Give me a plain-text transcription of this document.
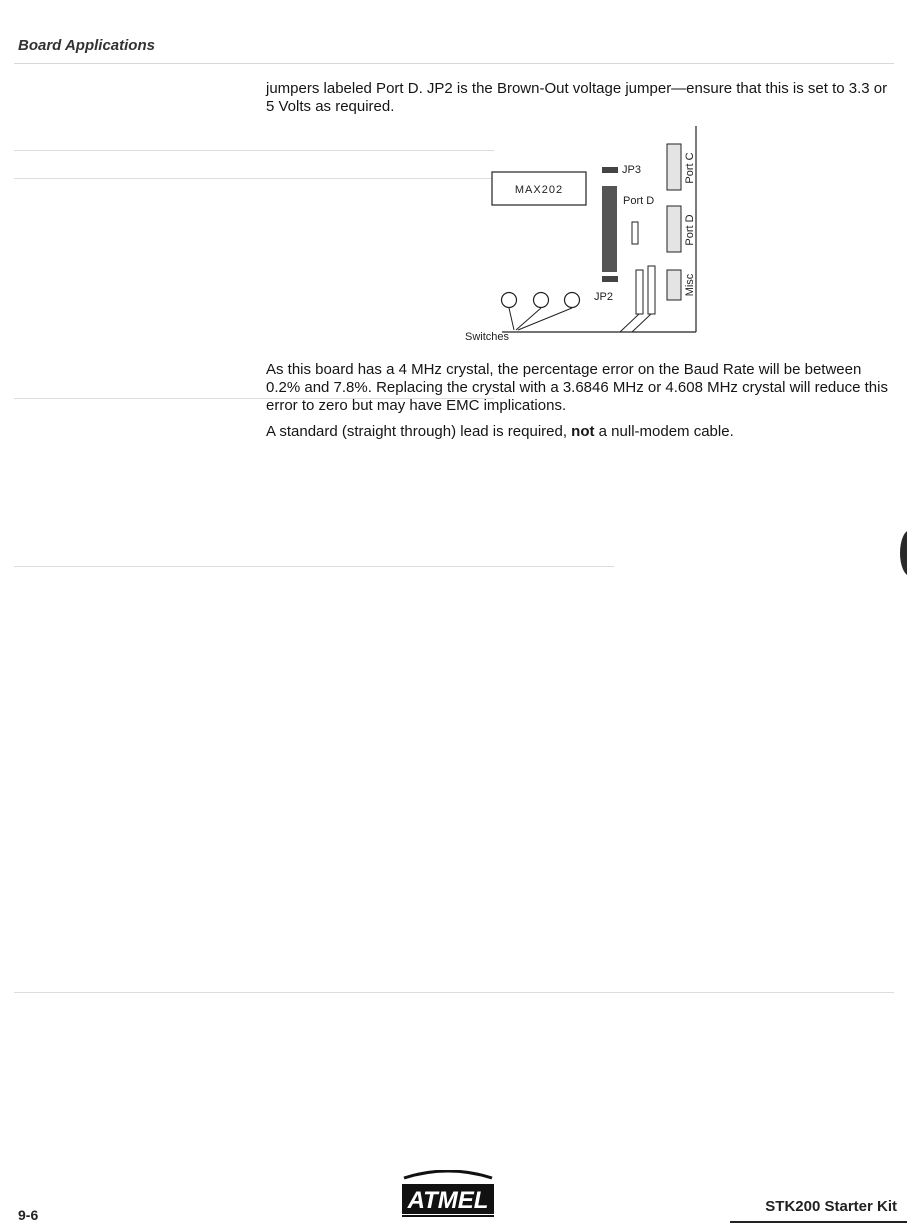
Board Applications
jumpers labeled Port D. JP2 is the Brown-Out voltage jumper—ensure that this is set to 3.3 or 5 Volts as required.
MAX202
JP3
Port D
JP2
Port C
Port D
Misc
Switches
As this board has a 4 MHz crystal, the percentage error on the Baud Rate will be between 0.2% and 7.8%. Replacing the crystal with a 3.6846 MHz or 4.608 MHz crystal will reduce this error to zero but may have EMC implications.
A standard (straight through) lead is required, not a null-modem cable.
9-6
ATMEL	STK200 Starter Kit
